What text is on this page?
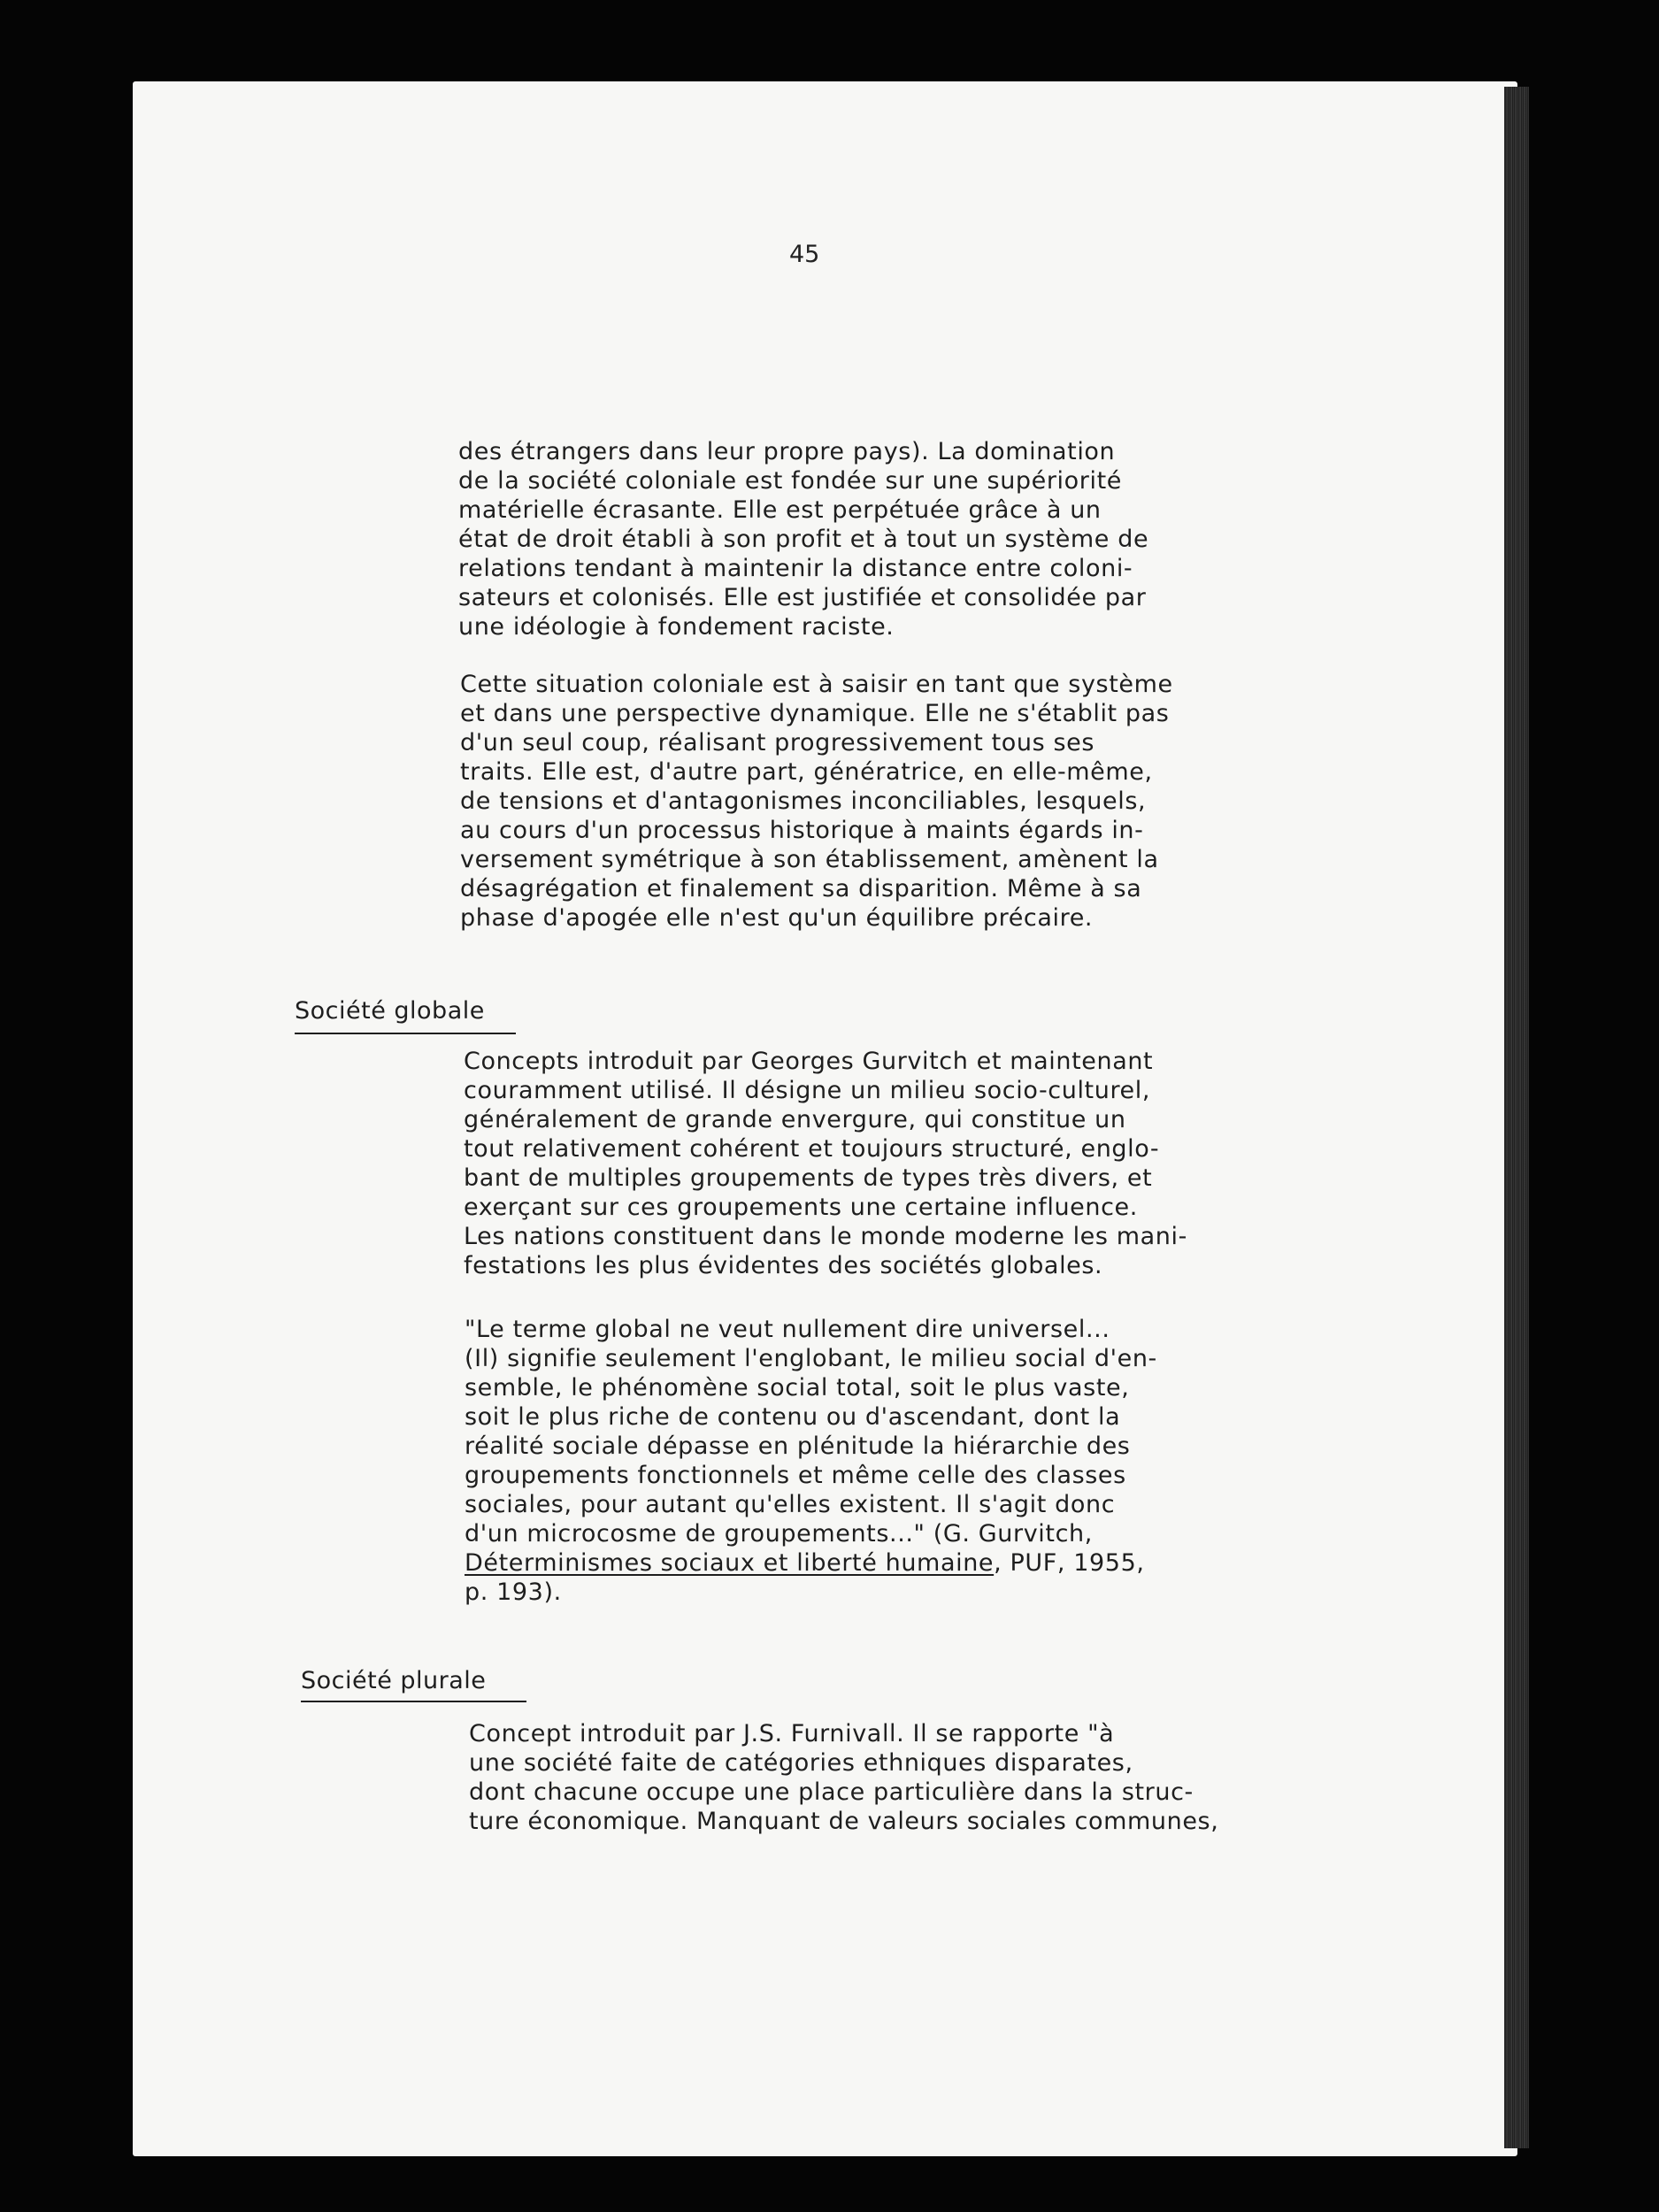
45

des étrangers dans leur propre pays). La domination
de la société coloniale est fondée sur une supériorité
matérielle écrasante. Elle est perpétuée grâce à un
état de droit établi à son profit et à tout un système de
relations tendant à maintenir la distance entre coloni-
sateurs et colonisés. Elle est justifiée et consolidée par
une idéologie à fondement raciste.
Cette situation coloniale est à saisir en tant que système
et dans une perspective dynamique. Elle ne s'établit pas
d'un seul coup, réalisant progressivement tous ses
traits. Elle est, d'autre part, génératrice, en elle-même,
de tensions et d'antagonismes inconciliables, lesquels,
au cours d'un processus historique à maints égards in-
versement symétrique à son établissement, amènent la
désagrégation et finalement sa disparition. Même à sa
phase d'apogée elle n'est qu'un équilibre précaire.

Société globale

Concepts introduit par Georges Gurvitch et maintenant
couramment utilisé. Il désigne un milieu socio-culturel,
généralement de grande envergure, qui constitue un
tout relativement cohérent et toujours structuré, englo-
bant de multiples groupements de types très divers, et
exerçant sur ces groupements une certaine influence.
Les nations constituent dans le monde moderne les mani-
festations les plus évidentes des sociétés globales.
"Le terme global ne veut nullement dire universel...
(Il) signifie seulement l'englobant, le milieu social d'en-
semble, le phénomène social total, soit le plus vaste,
soit le plus riche de contenu ou d'ascendant, dont la
réalité sociale dépasse en plénitude la hiérarchie des
groupements fonctionnels et même celle des classes
sociales, pour autant qu'elles existent. Il s'agit donc
d'un microcosme de groupements..." (G. Gurvitch,
Déterminismes sociaux et liberté humaine, PUF, 1955,
p. 193).

Société plurale

Concept introduit par J.S. Furnivall. Il se rapporte "à
une société faite de catégories ethniques disparates,
dont chacune occupe une place particulière dans la struc-
ture économique. Manquant de valeurs sociales communes,
